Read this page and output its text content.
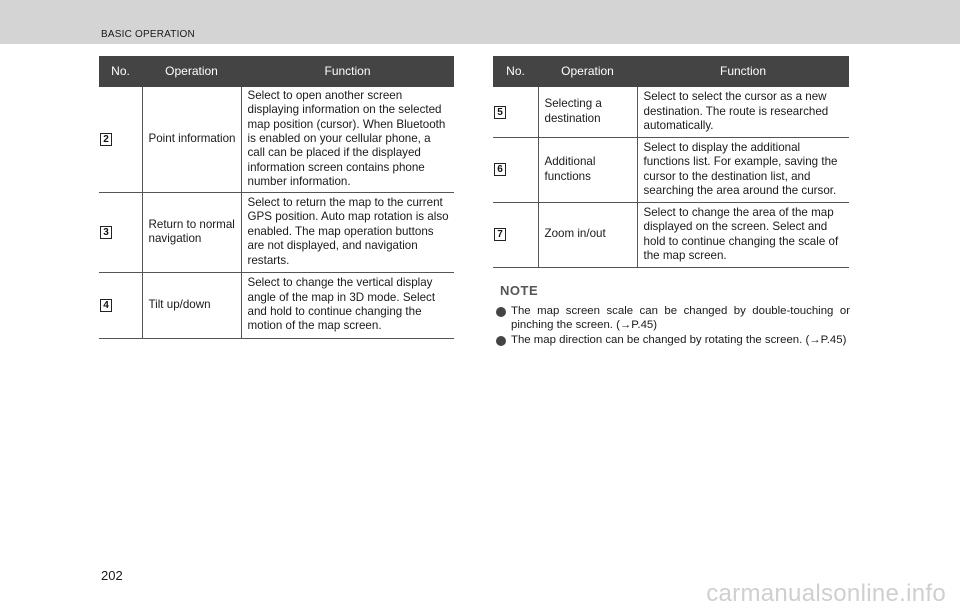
BASIC OPERATION
No.	Operation	Function
2	Point information	Select to open another screen displaying information on the selected map position (cursor). When Bluetooth is enabled on your cellular phone, a call can be placed if the displayed information screen contains phone number information.
3	Return to normal navigation	Select to return the map to the current GPS position. Auto map rotation is also enabled. The map operation buttons are not displayed, and navigation restarts.
4	Tilt up/down	Select to change the vertical display angle of the map in 3D mode. Select and hold to continue changing the motion of the map screen.
No.	Operation	Function
5	Selecting a destination	Select to select the cursor as a new destination. The route is researched automatically.
6	Additional functions	Select to display the additional functions list. For example, saving the cursor to the destination list, and searching the area around the cursor.
7	Zoom in/out	Select to change the area of the map displayed on the screen. Select and hold to continue changing the scale of the map screen.
NOTE
The map screen scale can be changed by double-touching or pinching the screen. (→P.45)
The map direction can be changed by rotating the screen. (→P.45)
202
carmanualsonline.info
